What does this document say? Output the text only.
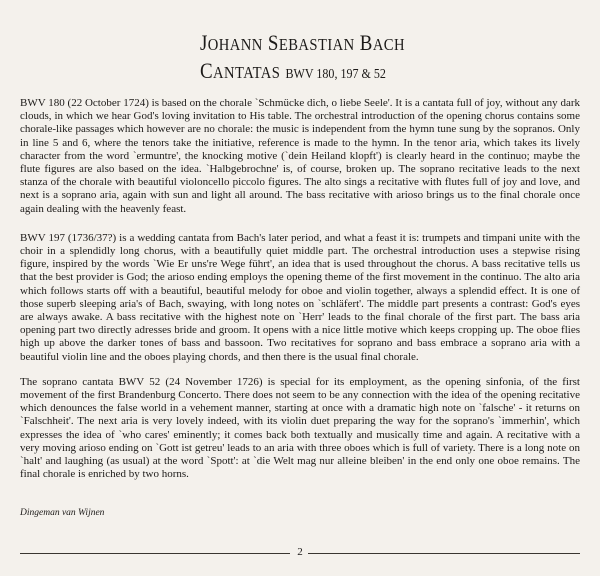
JOHANN SEBASTIAN BACH
CANTATAS BWV 180, 197 & 52

BWV 180 (22 October 1724) is based on the chorale `Schmücke dich, o liebe Seele'. It is a cantata full of joy, without any dark clouds, in which we hear God's loving invitation to His table. The orchestral introduction of the opening chorus contains some chorale-like passages which however are no chorale: the music is independent from the hymn tune sung by the sopranos. Only in line 5 and 6, where the tenors take the initiative, reference is made to the hymn. In the tenor aria, which takes its lively character from the word `ermuntre', the knocking motive (`dein Heiland klopft') is clearly heard in the continuo; maybe the flute figures are also based on the idea. `Halbgebrochne' is, of course, broken up. The soprano recitative leads to the next stanza of the chorale with beautiful violoncello piccolo figures. The alto sings a recitative with flutes full of joy and love, and next is a soprano aria, again with sun and light all around. The bass recitative with arioso brings us to the final chorale once again dealing with the heavenly feast.

BWV 197 (1736/37?) is a wedding cantata from Bach's later period, and what a feast it is: trumpets and timpani unite with the choir in a splendidly long chorus, with a beautifully quiet middle part. The orchestral introduction uses a stepwise rising figure, inspired by the words `Wie Er uns're Wege führt', an idea that is used throughout the chorus. A bass recitative tells us that the best provider is God; the arioso ending employs the opening theme of the first movement in the continuo. The alto aria which follows starts off with a beautiful, beautiful melody for oboe and violin together, always a splendid effect. It is one of those superb sleeping aria's of Bach, swaying, with long notes on `schläfert'. The middle part presents a contrast: God's eyes are always awake. A bass recitative with the highest note on `Herr' leads to the final chorale of the first part. The bass aria opening part two directly adresses bride and groom. It opens with a nice little motive which keeps cropping up. The oboe flies high up above the darker tones of bass and bassoon. Two recitatives for soprano and bass embrace a soprano aria with a beautiful violin line and the oboes playing chords, and then there is the usual final chorale.

The soprano cantata BWV 52 (24 November 1726) is special for its employment, as the opening sinfonia, of the first movement of the first Brandenburg Concerto. There does not seem to be any connection with the idea of the opening recitative which denounces the false world in a vehement manner, starting at once with a dramatic high note on `falsche' - it returns on `Falschheit'. The next aria is very lovely indeed, with its violin duet preparing the way for the soprano's `immerhin', which expresses the idea of `who cares' eminently; it comes back both textually and musically time and again. A recitative with a very moving arioso ending on `Gott ist getreu' leads to an aria with three oboes which is full of variety. There is a long note on `halt' and laughing (as usual) at the word `Spott': at `die Welt mag nur alleine bleiben' in the end only one oboe remains. The final chorale is enriched by two horns.

Dingeman van Wijnen
2
